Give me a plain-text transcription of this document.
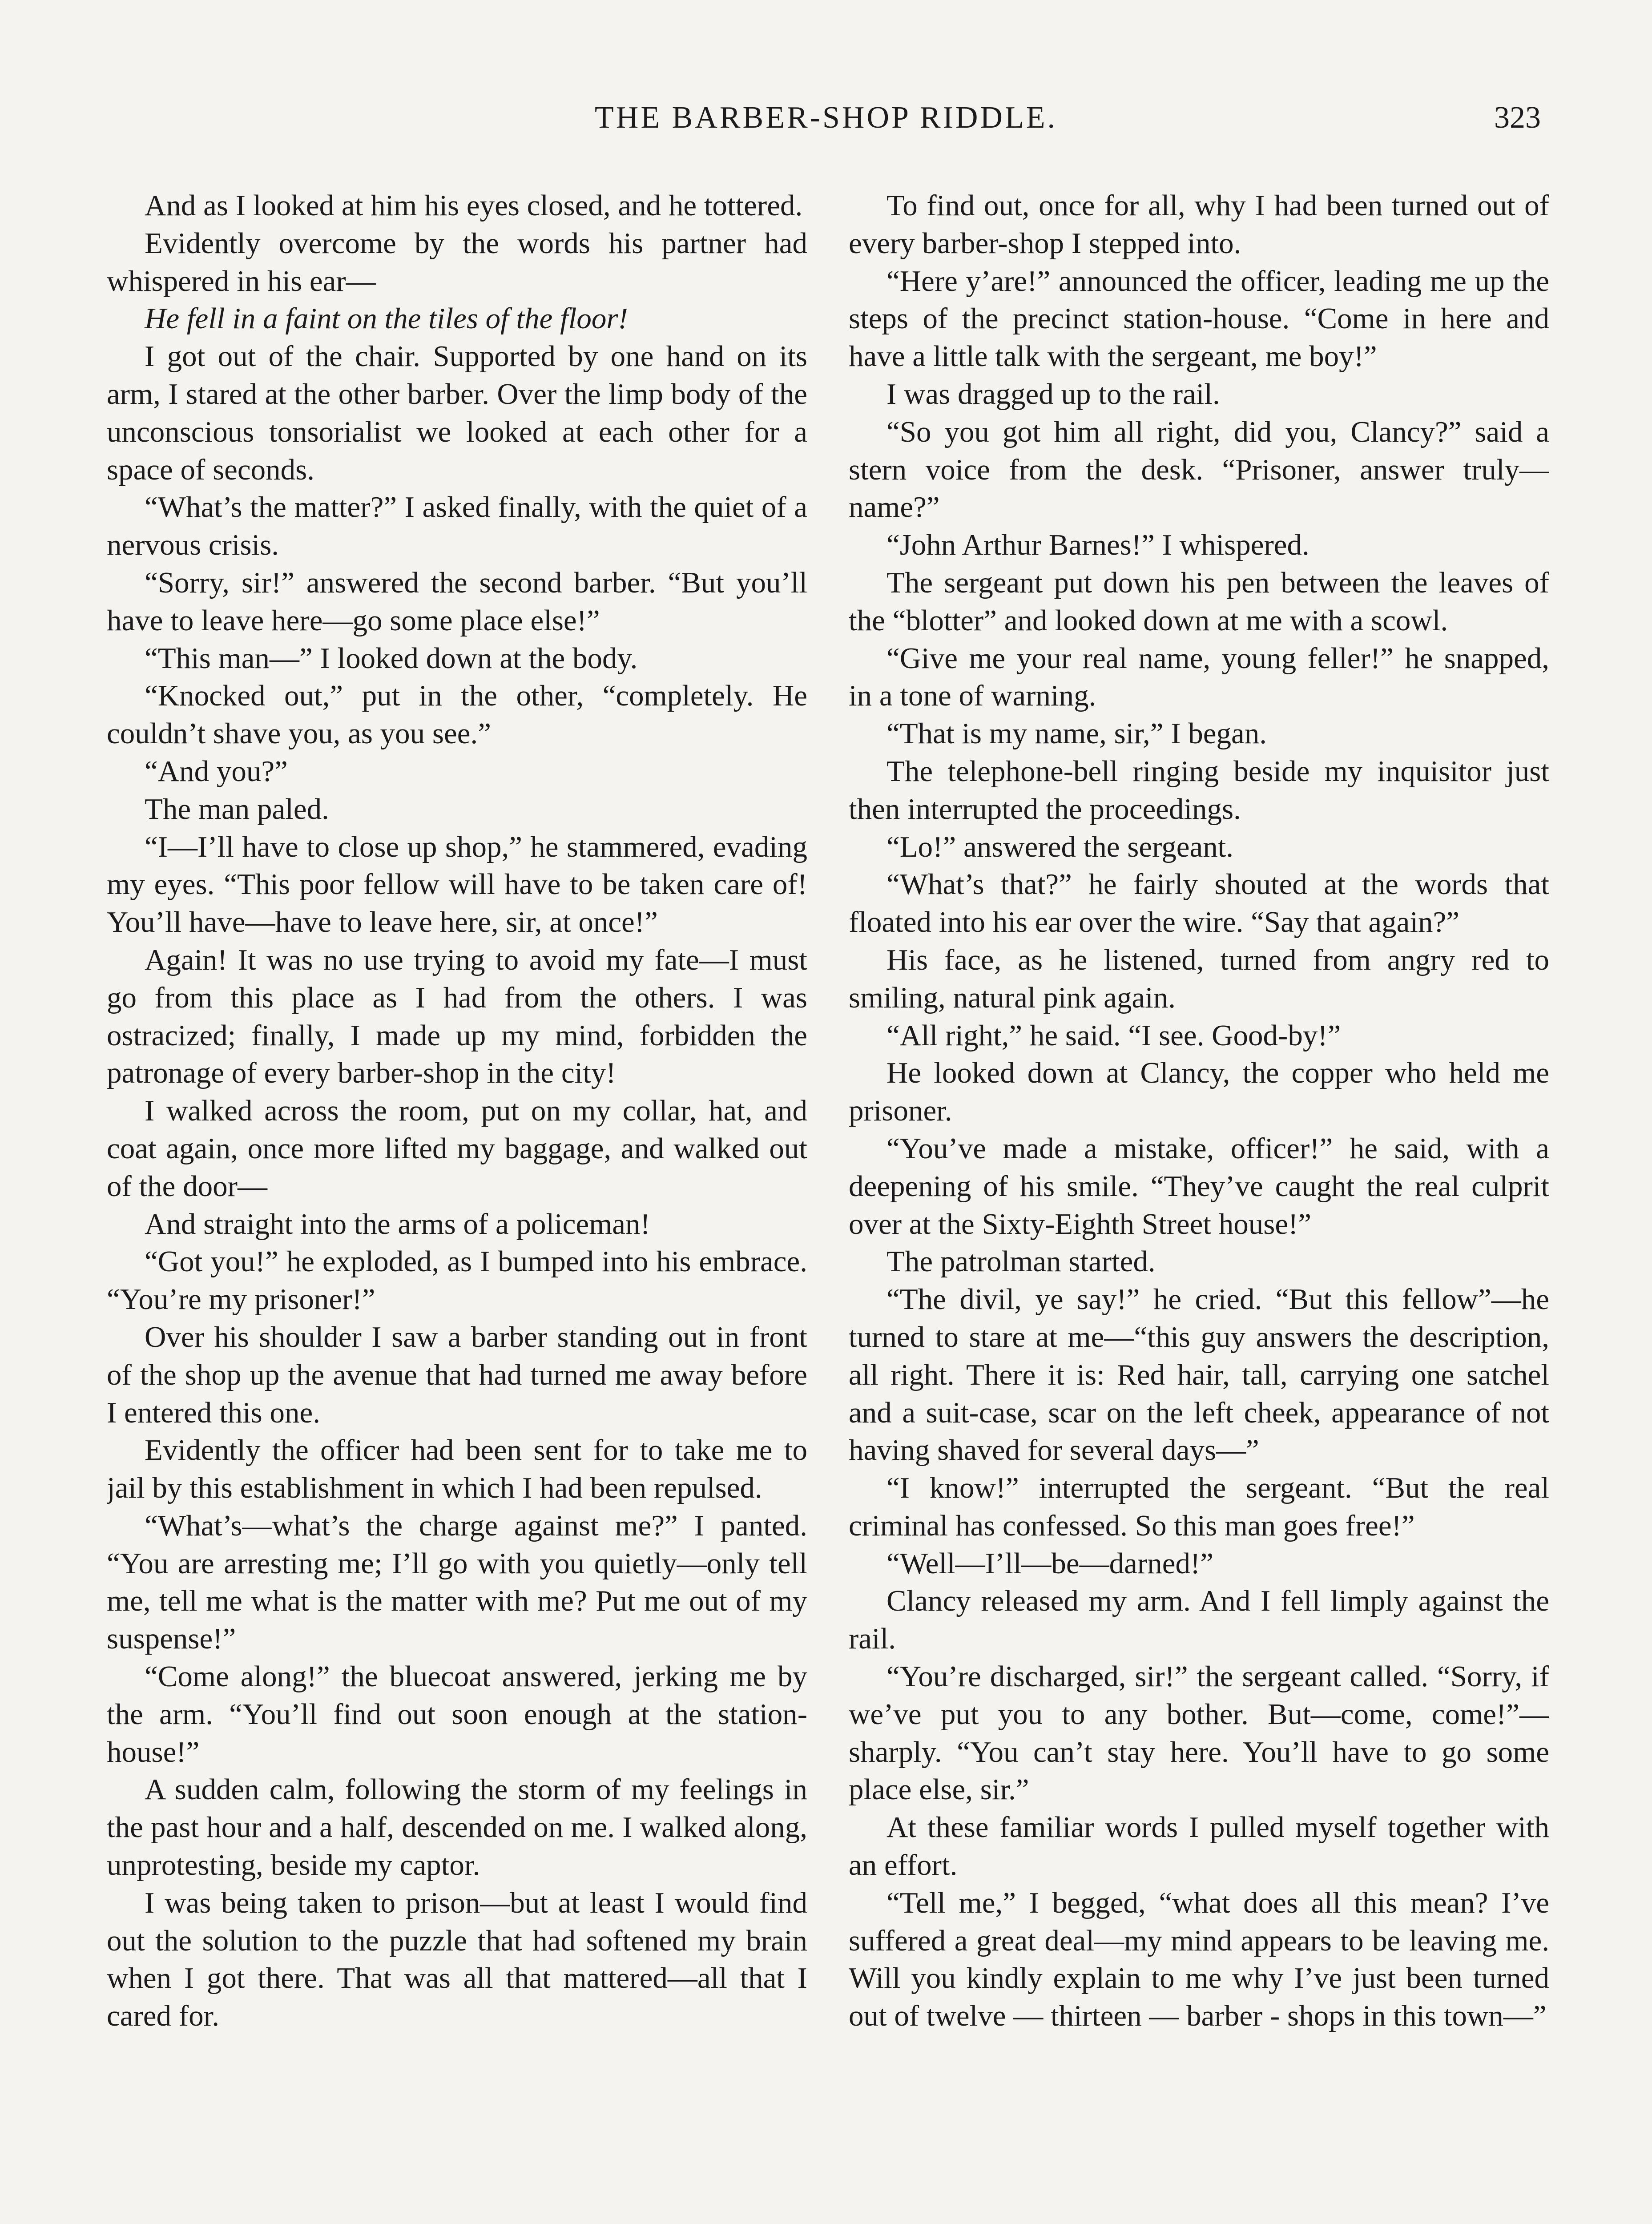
THE BARBER-SHOP RIDDLE.	323

And as I looked at him his eyes closed, and he tottered.

Evidently overcome by the words his partner had whispered in his ear—

He fell in a faint on the tiles of the floor!

I got out of the chair. Supported by one hand on its arm, I stared at the other barber. Over the limp body of the unconscious tonsorialist we looked at each other for a space of seconds.

“What’s the matter?” I asked finally, with the quiet of a nervous crisis.

“Sorry, sir!” answered the second barber. “But you’ll have to leave here—go some place else!”

“This man—” I looked down at the body.

“Knocked out,” put in the other, “completely. He couldn’t shave you, as you see.”

“And you?”

The man paled.

“I—I’ll have to close up shop,” he stammered, evading my eyes. “This poor fellow will have to be taken care of! You’ll have—have to leave here, sir, at once!”

Again! It was no use trying to avoid my fate—I must go from this place as I had from the others. I was ostracized; finally, I made up my mind, forbidden the patronage of every barber-shop in the city!

I walked across the room, put on my collar, hat, and coat again, once more lifted my baggage, and walked out of the door—

And straight into the arms of a policeman!

“Got you!” he exploded, as I bumped into his embrace. “You’re my prisoner!”

Over his shoulder I saw a barber standing out in front of the shop up the avenue that had turned me away before I entered this one.

Evidently the officer had been sent for to take me to jail by this establishment in which I had been repulsed.

“What’s—what’s the charge against me?” I panted. “You are arresting me; I’ll go with you quietly—only tell me, tell me what is the matter with me? Put me out of my suspense!”

“Come along!” the bluecoat answered, jerking me by the arm. “You’ll find out soon enough at the station-house!”

A sudden calm, following the storm of my feelings in the past hour and a half, descended on me. I walked along, unprotesting, beside my captor.

I was being taken to prison—but at least I would find out the solution to the puzzle that had softened my brain when I got there. That was all that mattered—all that I cared for.

To find out, once for all, why I had been turned out of every barber-shop I stepped into.

“Here y’are!” announced the officer, leading me up the steps of the precinct station-house. “Come in here and have a little talk with the sergeant, me boy!”

I was dragged up to the rail.

“So you got him all right, did you, Clancy?” said a stern voice from the desk. “Prisoner, answer truly—name?”

“John Arthur Barnes!” I whispered.

The sergeant put down his pen between the leaves of the “blotter” and looked down at me with a scowl.

“Give me your real name, young feller!” he snapped, in a tone of warning.

“That is my name, sir,” I began.

The telephone-bell ringing beside my inquisitor just then interrupted the proceedings.

“Lo!” answered the sergeant.

“What’s that?” he fairly shouted at the words that floated into his ear over the wire. “Say that again?”

His face, as he listened, turned from angry red to smiling, natural pink again.

“All right,” he said. “I see. Good-by!”

He looked down at Clancy, the copper who held me prisoner.

“You’ve made a mistake, officer!” he said, with a deepening of his smile. “They’ve caught the real culprit over at the Sixty-Eighth Street house!”

The patrolman started.

“The divil, ye say!” he cried. “But this fellow”—he turned to stare at me—“this guy answers the description, all right. There it is: Red hair, tall, carrying one satchel and a suit-case, scar on the left cheek, appearance of not having shaved for several days—”

“I know!” interrupted the sergeant. “But the real criminal has confessed. So this man goes free!”

“Well—I’ll—be—darned!”

Clancy released my arm. And I fell limply against the rail.

“You’re discharged, sir!” the sergeant called. “Sorry, if we’ve put you to any bother. But—come, come!”—sharply. “You can’t stay here. You’ll have to go some place else, sir.”

At these familiar words I pulled myself together with an effort.

“Tell me,” I begged, “what does all this mean? I’ve suffered a great deal—my mind appears to be leaving me. Will you kindly explain to me why I’ve just been turned out of twelve — thirteen — barber - shops in this town—”
